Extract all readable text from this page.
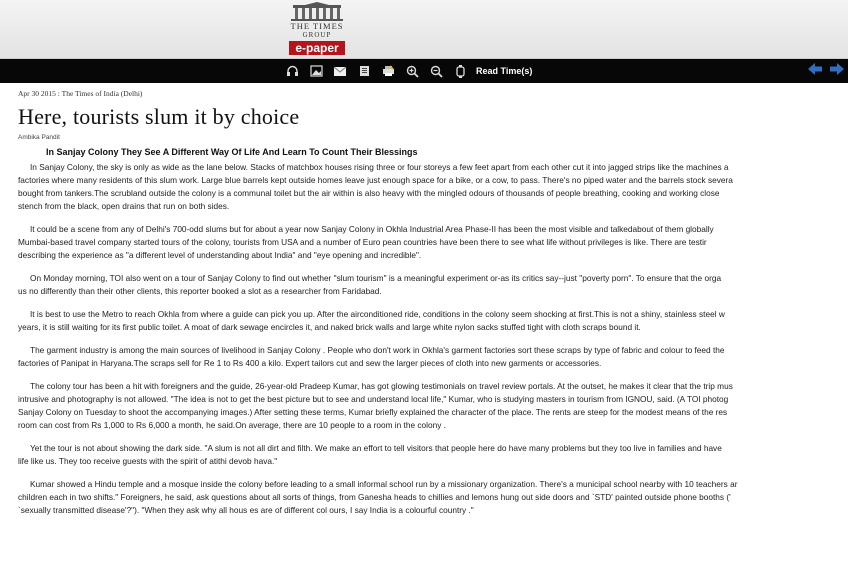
THE TIMES
GROUP
e-paper
Read Time(s)
Apr 30 2015 : The Times of India (Delhi)
Here, tourists slum it by choice
Ambika Pandit
In Sanjay Colony They See A Different Way Of Life And Learn To Count Their Blessings

In Sanjay Colony, the sky is only as wide as the lane below. Stacks of matchbox houses rising three or four storeys a few feet apart from each other cut it into jagged strips like the machines a
factories where many residents of this slum work. Large blue barrels kept outside homes leave just enough space for a bike, or a cow, to pass. There's no piped water and the barrels stock severa
bought from tankers.The scrubland outside the colony is a communal toilet but the air within is also heavy with the mingled odours of thousands of people breathing, cooking and working close
stench from the black, open drains that run on both sides.

It could be a scene from any of Delhi's 700-odd slums but for about a year now Sanjay Colony in Okhla Industrial Area Phase-II has been the most visible and talkedabout of them globally
Mumbai-based travel company started tours of the colony, tourists from USA and a number of Euro pean countries have been there to see what life without privileges is like. There are testir
describing the experience as "a different level of understanding about India" and "eye opening and incredible".

On Monday morning, TOI also went on a tour of Sanjay Colony to find out whether "slum tourism" is a meaningful experiment or-as its critics say--just "poverty porn". To ensure that the orga
us no differently than their other clients, this reporter booked a slot as a researcher from Faridabad.

It is best to use the Metro to reach Okhla from where a guide can pick you up. After the airconditioned ride, conditions in the colony seem shocking at first.This is not a shiny, stainless steel w
years, it is still waiting for its first public toilet. A moat of dark sewage encircles it, and naked brick walls and large white nylon sacks stuffed tight with cloth scraps bound it.

The garment industry is among the main sources of livelihood in Sanjay Colony . People who don't work in Okhla's garment factories sort these scraps by type of fabric and colour to feed the
factories of Panipat in Haryana.The scraps sell for Re 1 to Rs 400 a kilo. Expert tailors cut and sew the larger pieces of cloth into new garments or accessories.

The colony tour has been a hit with foreigners and the guide, 26-year-old Pradeep Kumar, has got glowing testimonials on travel review portals. At the outset, he makes it clear that the trip mus
intrusive and photography is not allowed. "The idea is not to get the best picture but to see and understand local life," Kumar, who is studying masters in tourism from IGNOU, said. (A TOI photog
Sanjay Colony on Tuesday to shoot the accompanying images.) After setting these terms, Kumar briefly explained the character of the place. The rents are steep for the modest means of the res
room can cost from Rs 1,000 to Rs 6,000 a month, he said.On average, there are 10 people to a room in the colony .

Yet the tour is not about showing the dark side. "A slum is not all dirt and filth. We make an effort to tell visitors that people here do have many problems but they too live in families and have
life like us. They too receive guests with the spirit of atithi devob hava."

Kumar showed a Hindu temple and a mosque inside the colony before leading to a small informal school run by a missionary organization. There's a municipal school nearby with 10 teachers ar
children each in two shifts." Foreigners, he said, ask questions about all sorts of things, from Ganesha heads to chillies and lemons hung out side doors and `STD' painted outside phone booths ('
`sexually transmitted disease'?"). "When they ask why all hous es are of different col ours, I say India is a colourful country ."
